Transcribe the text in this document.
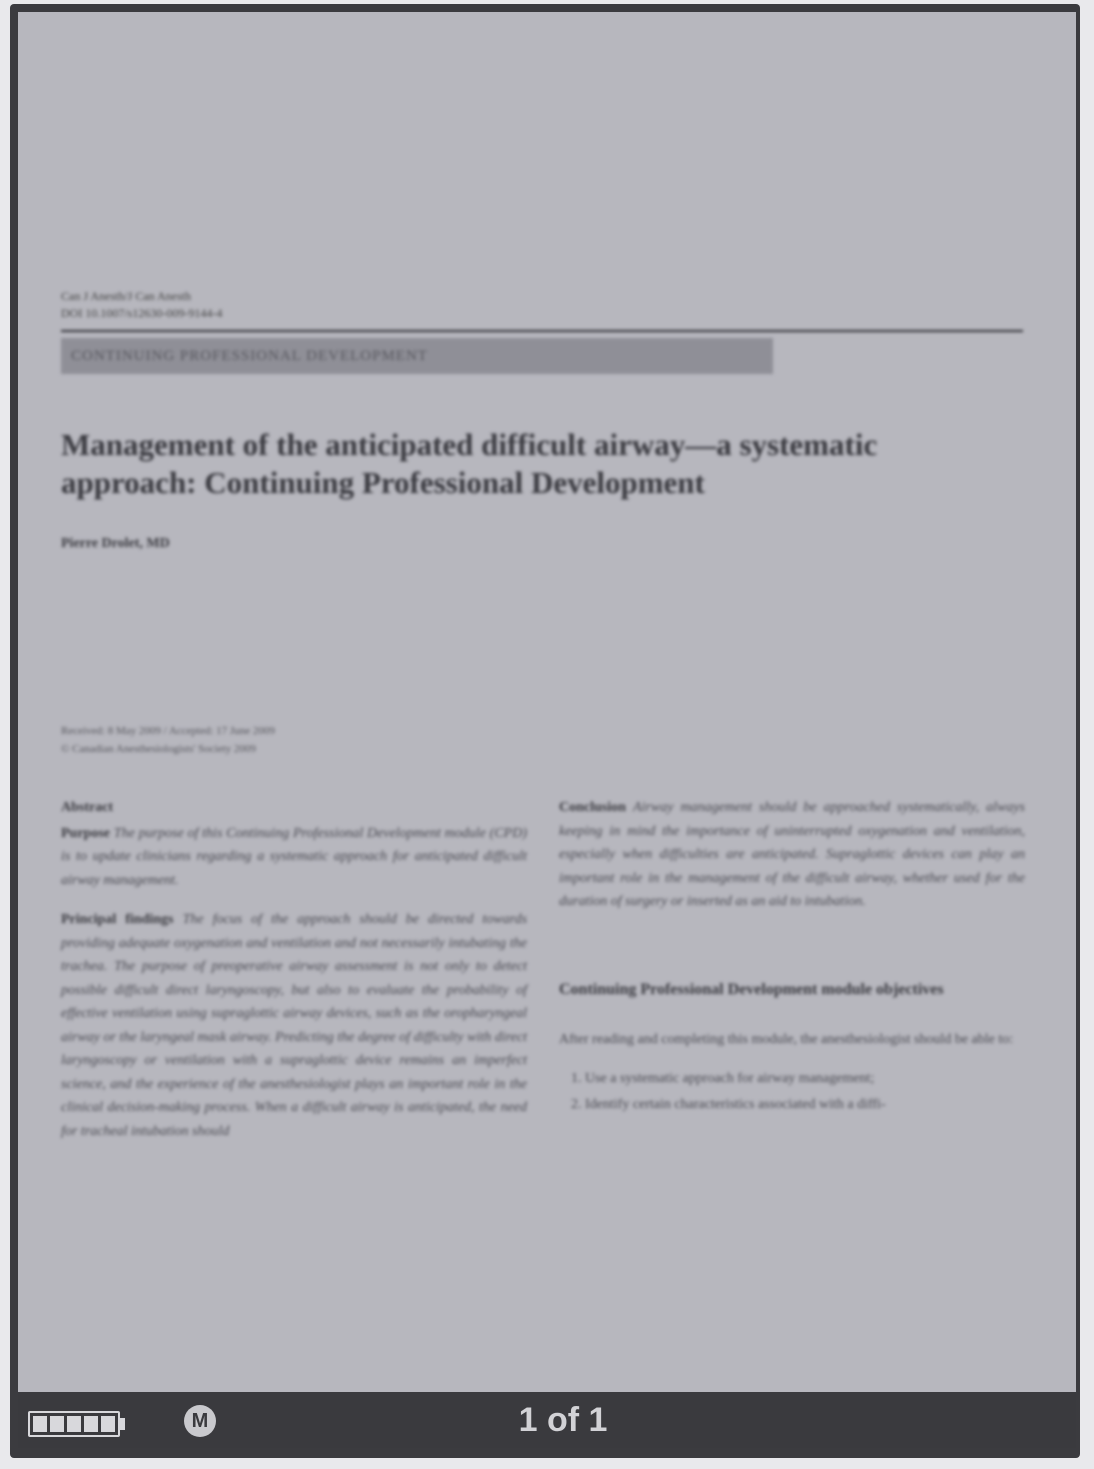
Can J Anesth/J Can Anesth
DOI 10.1007/s12630-009-9144-4
CONTINUING PROFESSIONAL DEVELOPMENT
Management of the anticipated difficult airway—a systematic approach: Continuing Professional Development
Pierre Drolet, MD
Received: 8 May 2009 / Accepted: 17 June 2009
© Canadian Anesthesiologists' Society 2009
Abstract

Purpose The purpose of this Continuing Professional Development module (CPD) is to update clinicians regarding a systematic approach for anticipated difficult airway management.

Principal findings The focus of the approach should be directed towards providing adequate oxygenation and ventilation and not necessarily intubating the trachea. The purpose of preoperative airway assessment is not only to detect possible difficult direct laryngoscopy, but also to evaluate the probability of effective ventilation using supraglottic airway devices, such as the oropharyngeal airway or the laryngeal mask airway. Predicting the degree of difficulty with direct laryngoscopy or ventilation with a supraglottic device remains an imperfect science, and the experience of the anesthesiologist plays an important role in the clinical decision-making process. When a difficult airway is anticipated, the need for tracheal intubation should

Conclusion Airway management should be approached systematically, always keeping in mind the importance of uninterrupted oxygenation and ventilation, especially when difficulties are anticipated. Supraglottic devices can play an important role in the management of the difficult airway, whether used for the duration of surgery or inserted as an aid to intubation.

Continuing Professional Development module objectives

After reading and completing this module, the anesthesiologist should be able to:

1. Use a systematic approach for airway management;
2. Identify certain characteristics associated with a diffi-
M	1 of 1
